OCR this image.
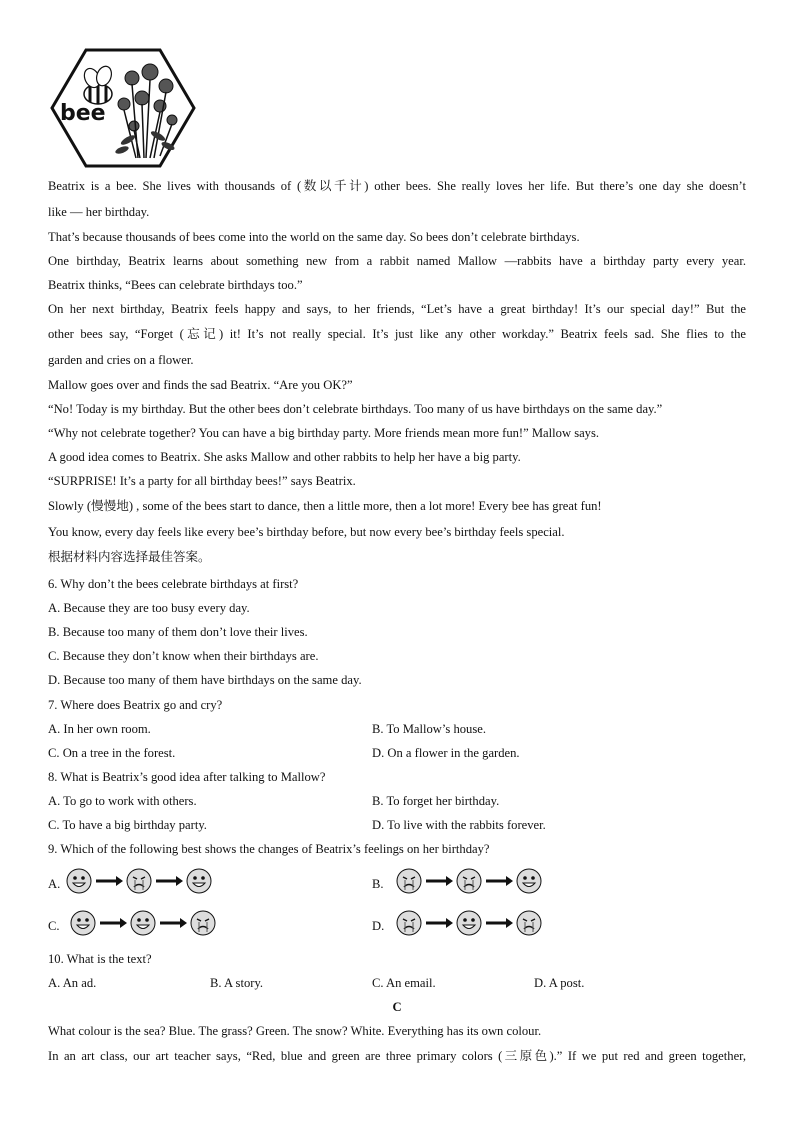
bee
Beatrix is a bee. She lives with thousands of (数以千计) other bees. She really loves her life. But there’s one day she doesn’t
like — her birthday.
That’s because thousands of bees come into the world on the same day. So bees don’t celebrate birthdays.
One birthday, Beatrix learns about something new from a rabbit named Mallow —rabbits have a birthday party every year.
Beatrix thinks, “Bees can celebrate birthdays too.”
On her next birthday, Beatrix feels happy and says, to her friends, “Let’s have a great birthday! It’s our special day!” But the
other bees say, “Forget (忘记) it! It’s not really special. It’s just like any other workday.” Beatrix feels sad. She flies to the
garden and cries on a flower.
Mallow goes over and finds the sad Beatrix. “Are you OK?”
“No! Today is my birthday. But the other bees don’t celebrate birthdays. Too many of us have birthdays on the same day.”
“Why not celebrate together? You can have a big birthday party. More friends mean more fun!” Mallow says.
A good idea comes to Beatrix. She asks Mallow and other rabbits to help her have a big party.
“SURPRISE! It’s a party for all birthday bees!” says Beatrix.
Slowly (慢慢地) , some of the bees start to dance, then a little more, then a lot more! Every bee has great fun!
You know, every day feels like every bee’s birthday before, but now every bee’s birthday feels special.
根据材料内容选择最佳答案。
6. Why don’t the bees celebrate birthdays at first?
A. Because they are too busy every day.
B. Because too many of them don’t love their lives.
C. Because they don’t know when their birthdays are.
D. Because too many of them have birthdays on the same day.
7. Where does Beatrix go and cry?
A. In her own room.	B. To Mallow’s house.
C. On a tree in the forest.	D. On a flower in the garden.
8. What is Beatrix’s good idea after talking to Mallow?
A. To go to work with others.	B. To forget her birthday.
C. To have a big birthday party.	D. To live with the rabbits forever.
9. Which of the following best shows the changes of Beatrix’s feelings on her birthday?
A.	B.
C.	D.
10. What is the text?
A. An ad.	B. A story.	C. An email.	D. A post.
C
What colour is the sea? Blue. The grass? Green. The snow? White. Everything has its own colour.
In an art class, our art teacher says, “Red, blue and green are three primary colors (三原色).” If we put red and green together,
